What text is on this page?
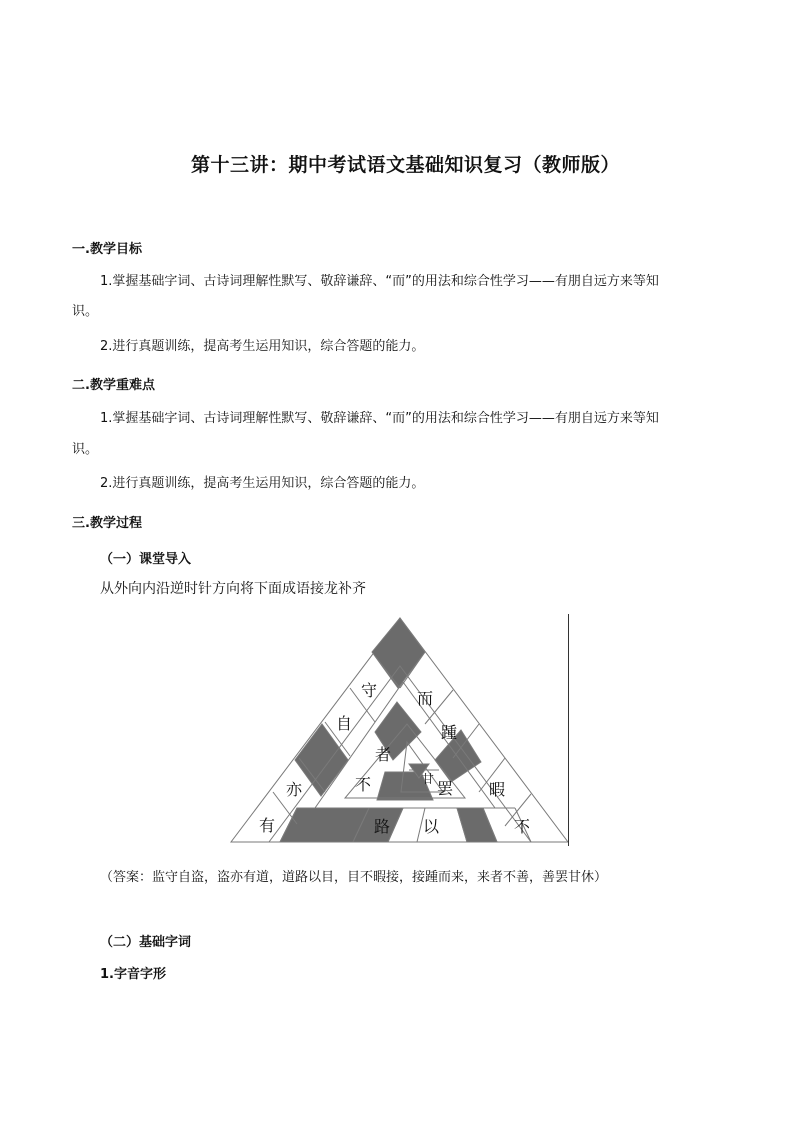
第十三讲：期中考试语文基础知识复习（教师版）
一.教学目标
1.掌握基础字词、古诗词理解性默写、敬辞谦辞、“而”的用法和综合性学习——有朋自远方来等知
识。
2.进行真题训练，提高考生运用知识，综合答题的能力。
二.教学重难点
1.掌握基础字词、古诗词理解性默写、敬辞谦辞、“而”的用法和综合性学习——有朋自远方来等知
识。
2.进行真题训练，提高考生运用知识，综合答题的能力。
三.教学过程
（一）课堂导入
从外向内沿逆时针方向将下面成语接龙补齐
守
自
亦
有
而
踵
暇
不
路 以
者
不	甘 罢
（答案：监守自盗，盗亦有道，道路以目，目不暇接，接踵而来，来者不善，善罢甘休）
（二）基础字词
1.字音字形
